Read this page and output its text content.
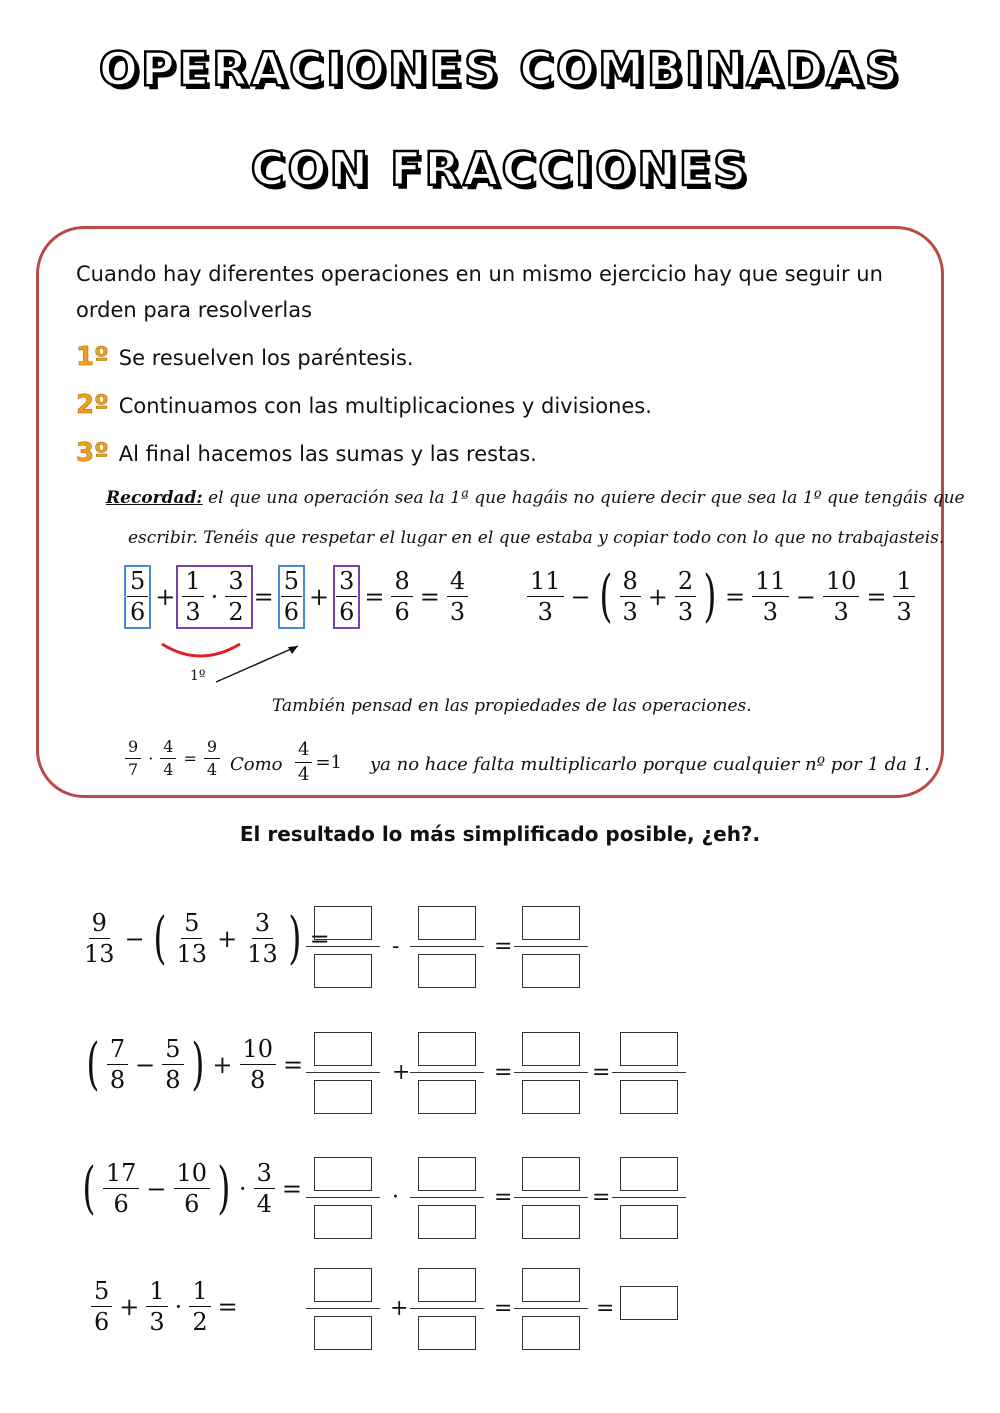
OPERACIONES COMBINADAS
CON FRACCIONES
Cuando hay diferentes operaciones en un mismo ejercicio hay que seguir un
orden para resolverlas
1º Se resuelven los paréntesis.
2º Continuamos con las multiplicaciones y divisiones.
3º Al final hacemos las sumas y las restas.
Recordad: el que una operación sea la 1ª que hagáis no quiere decir que sea la 1º que tengáis que
escribir. Tenéis que respetar el lugar en el que estaba y copiar todo con lo que no trabajasteis.
$\frac{5}{6} + \frac{1}{3} \cdot \frac{3}{2} = \frac{5}{6} + \frac{3}{6} = \frac{8}{6} = \frac{4}{3}$
1º
$\frac{11}{3}$ − ( $\frac{8}{3} + \frac{2}{3}$ ) = $\frac{11}{3} - \frac{10}{3} = \frac{1}{3}$
También pensad en las propiedades de las operaciones.
$\frac{9}{7} \cdot \frac{4}{4} = \frac{9}{4}$ Como $\frac{4}{4} =1$ ya no hace falta multiplicarlo porque cualquier nº por 1 da 1.
El resultado lo más simplificado posible, ¿eh?.
$\frac{9}{13}$ − ( $\frac{5}{13} + \frac{3}{13}$ ) =
( $\frac{7}{8} - \frac{5}{8}$ ) + $\frac{10}{8}$ =
( $\frac{17}{6} - \frac{10}{6}$ ) · $\frac{3}{4}$ =
$\frac{5}{6} + \frac{1}{3} \cdot \frac{1}{2}$ =
-	=
+	=	=
·	=	=
+	=	=
